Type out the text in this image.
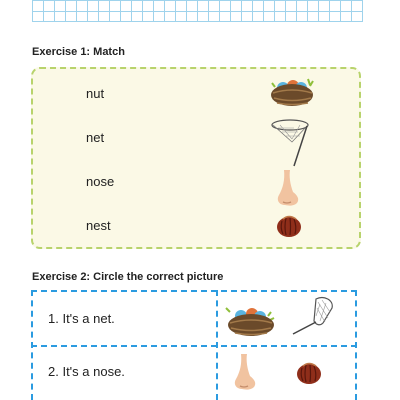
Exercise 1: Match
nut
net
nose
nest
Exercise 2: Circle the correct picture
1. It's a net.
2. It's a nose.
